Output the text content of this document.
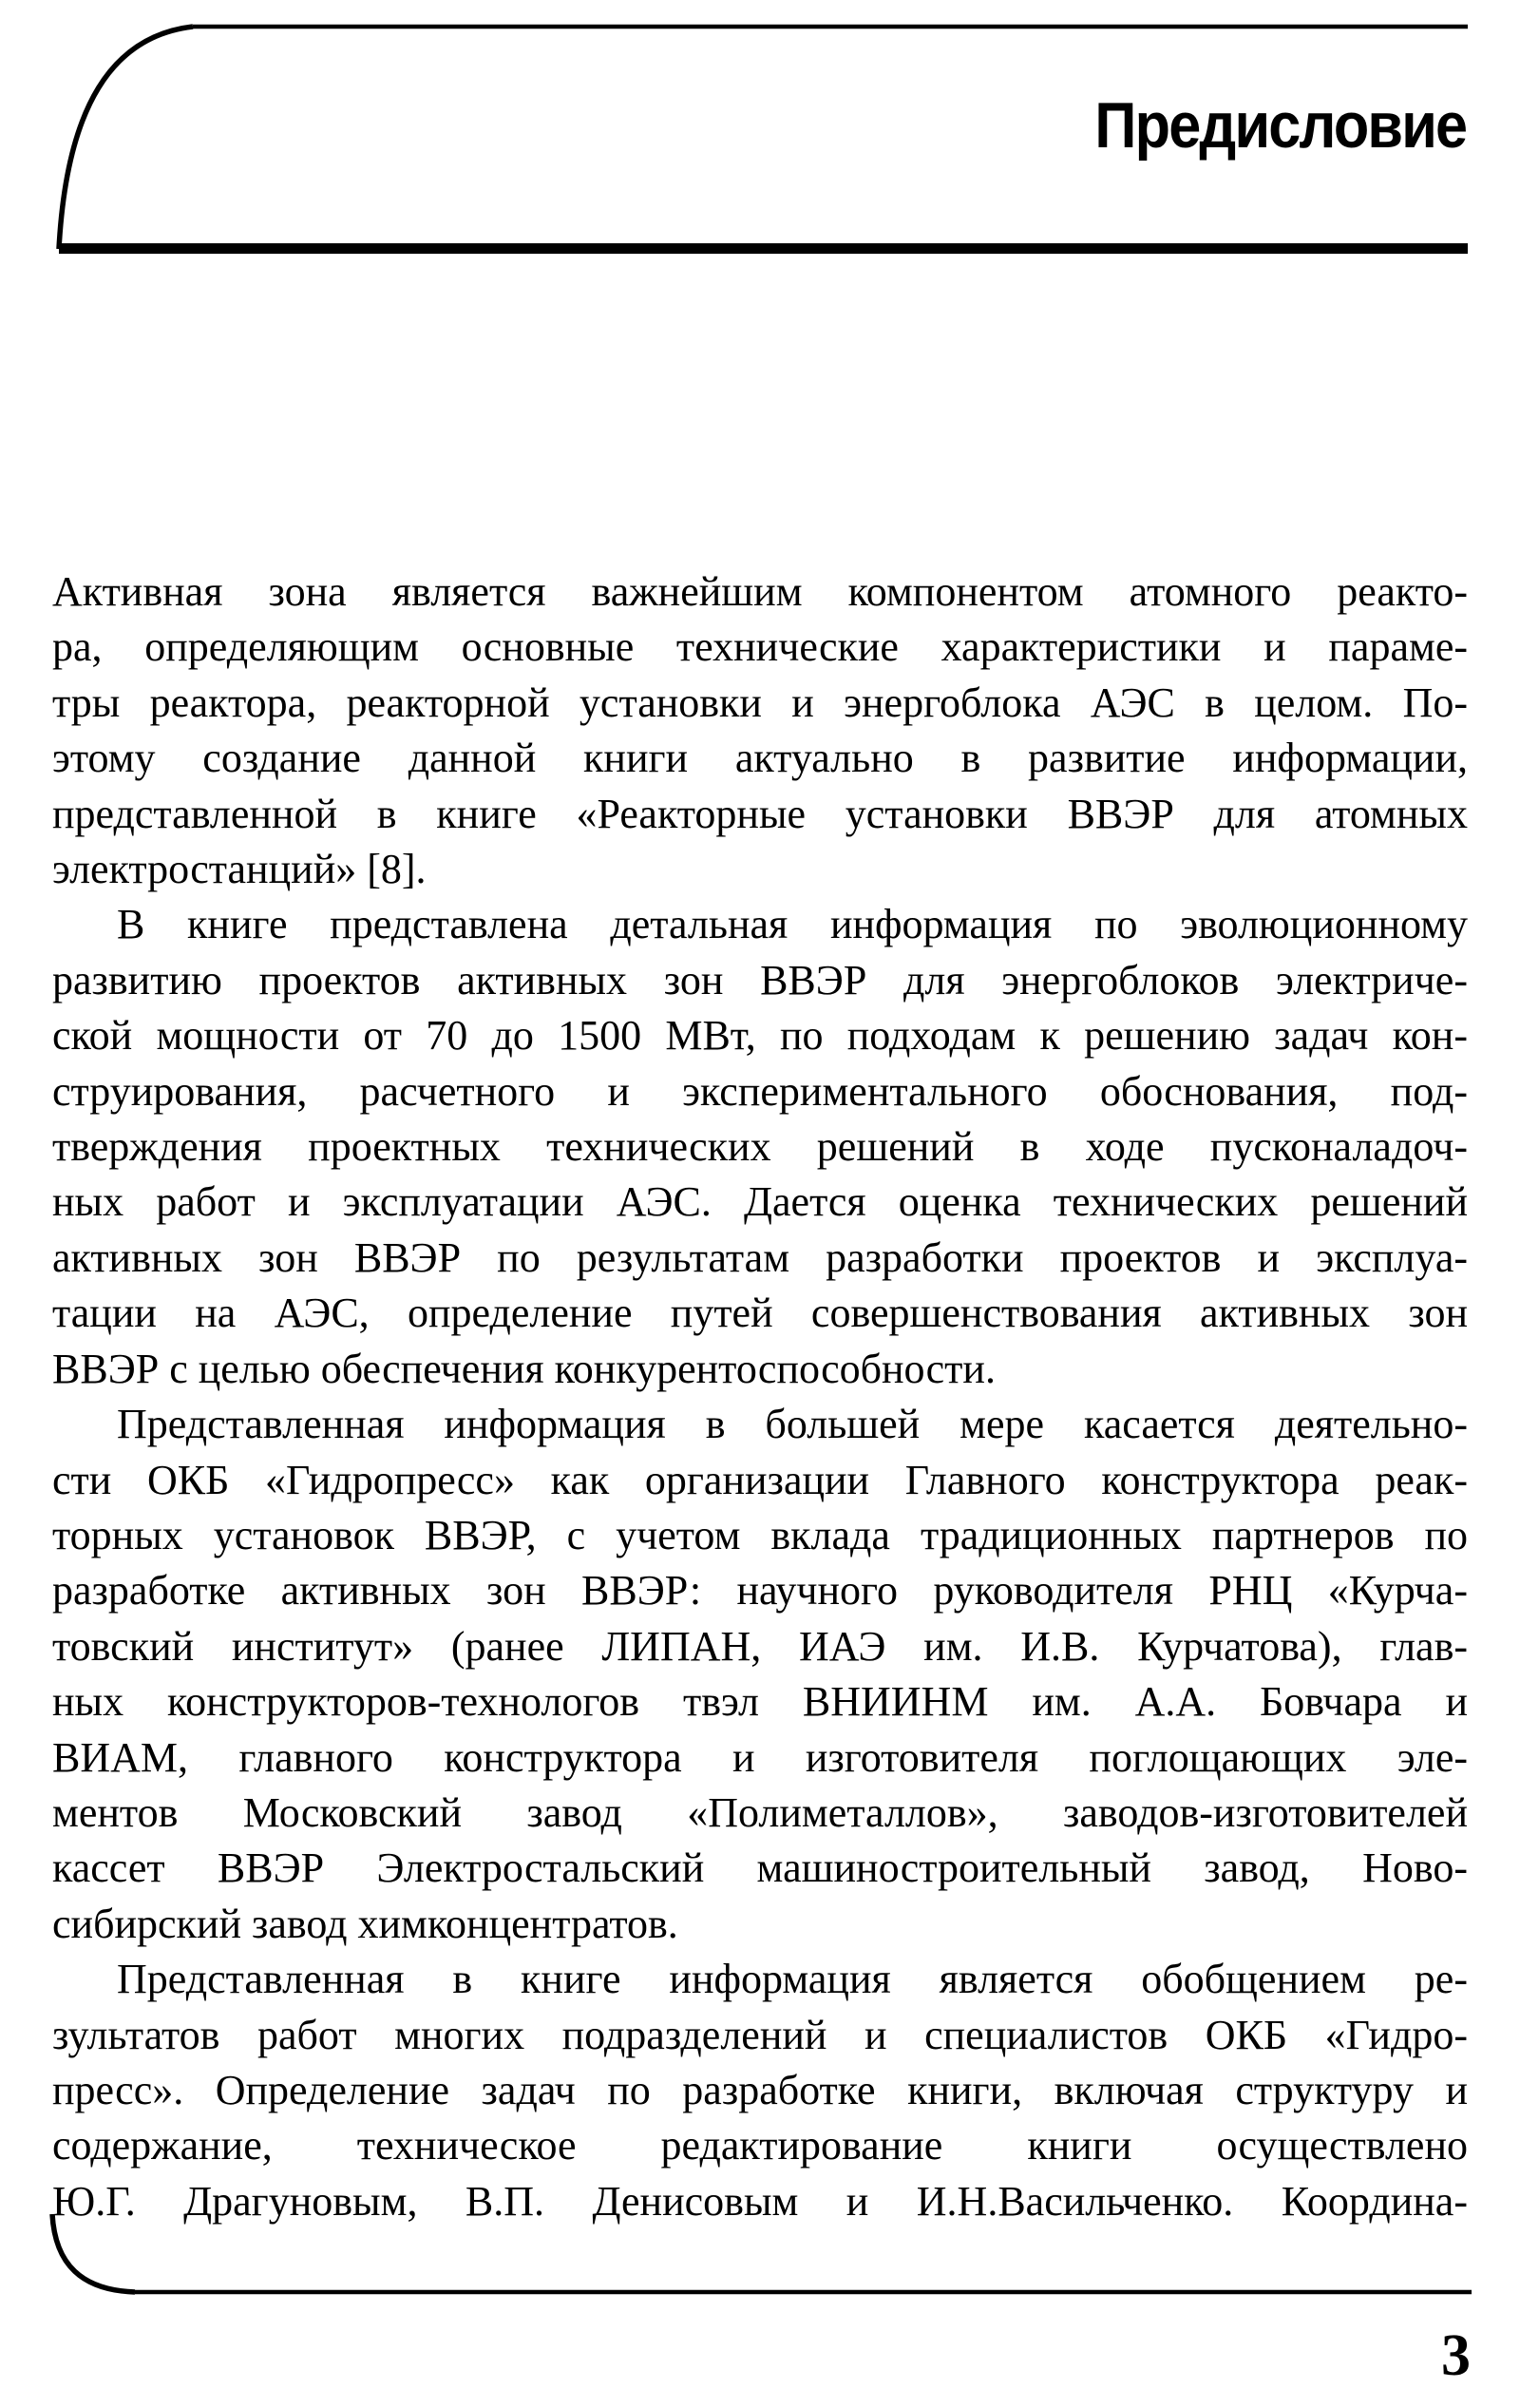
Предисловие
Активная зона является важнейшим компонентом атомного реакто-
ра, определяющим основные технические характеристики и параме-
тры реактора, реакторной установки и энергоблока АЭС в целом. По-
этому создание данной книги актуально в развитие информации,
представленной в книге «Реакторные установки ВВЭР для атомных
электростанций» [8].
В книге представлена детальная информация по эволюционному
развитию проектов активных зон ВВЭР для энергоблоков электриче-
ской мощности от 70 до 1500 МВт, по подходам к решению задач кон-
струирования, расчетного и экспериментального обоснования, под-
тверждения проектных технических решений в ходе пусконаладоч-
ных работ и эксплуатации АЭС. Дается оценка технических решений
активных зон ВВЭР по результатам разработки проектов и эксплуа-
тации на АЭС, определение путей совершенствования активных зон
ВВЭР с целью обеспечения конкурентоспособности.
Представленная информация в большей мере касается деятельно-
сти ОКБ «Гидропресс» как организации Главного конструктора реак-
торных установок ВВЭР, с учетом вклада традиционных партнеров по
разработке активных зон ВВЭР: научного руководителя РНЦ «Курча-
товский институт» (ранее ЛИПАН, ИАЭ им. И.В. Курчатова), глав-
ных конструкторов-технологов твэл ВНИИНМ им. А.А. Бовчара и
ВИАМ, главного конструктора и изготовителя поглощающих эле-
ментов Московский завод «Полиметаллов», заводов-изготовителей
кассет ВВЭР Электростальский машиностроительный завод, Ново-
сибирский завод химконцентратов.
Представленная в книге информация является обобщением ре-
зультатов работ многих подразделений и специалистов ОКБ «Гидро-
пресс». Определение задач по разработке книги, включая структуру и
содержание, техническое редактирование книги осуществлено
Ю.Г. Драгуновым, В.П. Денисовым и И.Н.Васильченко. Координа-
3
